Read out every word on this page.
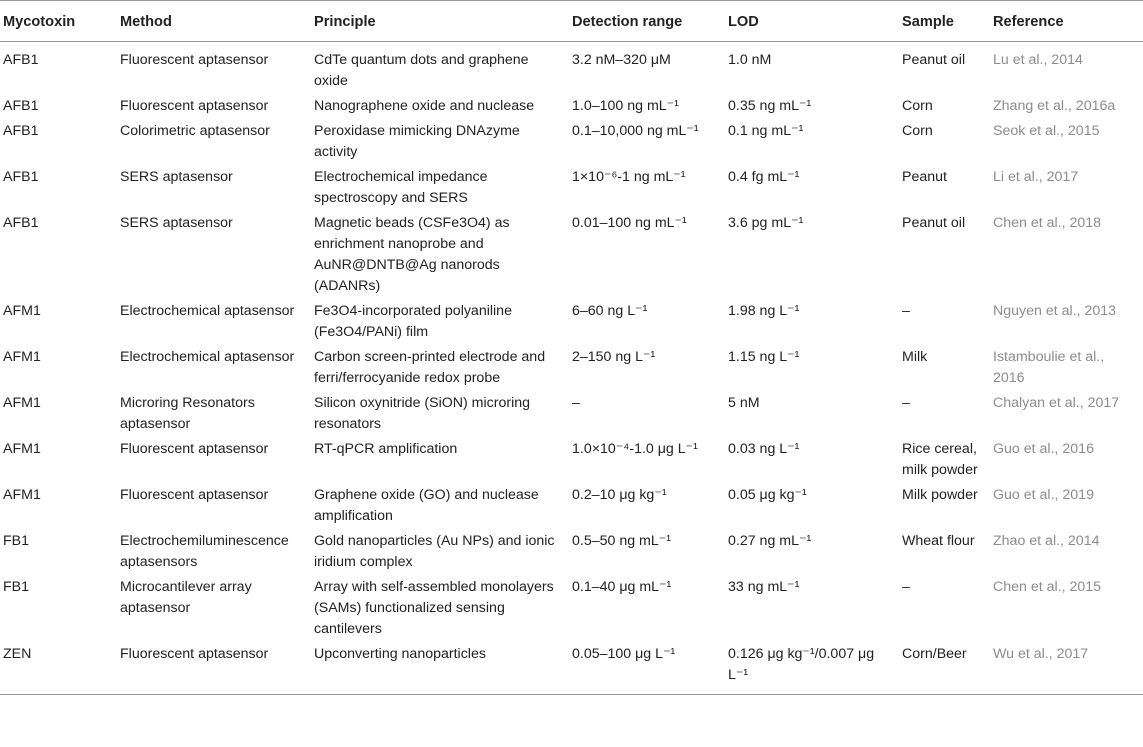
Mycotoxin	Method	Principle	Detection range	LOD	Sample	Reference
AFB1	Fluorescent aptasensor	CdTe quantum dots and graphene oxide	3.2 nM–320 μM	1.0 nM	Peanut oil	Lu et al., 2014
AFB1	Fluorescent aptasensor	Nanographene oxide and nuclease	1.0–100 ng mL⁻¹	0.35 ng mL⁻¹	Corn	Zhang et al., 2016a
AFB1	Colorimetric aptasensor	Peroxidase mimicking DNAzyme activity	0.1–10,000 ng mL⁻¹	0.1 ng mL⁻¹	Corn	Seok et al., 2015
AFB1	SERS aptasensor	Electrochemical impedance spectroscopy and SERS	1×10⁻⁶-1 ng mL⁻¹	0.4 fg mL⁻¹	Peanut	Li et al., 2017
AFB1	SERS aptasensor	Magnetic beads (CSFe3O4) as enrichment nanoprobe and AuNR@DNTB@Ag nanorods (ADANRs)	0.01–100 ng mL⁻¹	3.6 pg mL⁻¹	Peanut oil	Chen et al., 2018
AFM1	Electrochemical aptasensor	Fe3O4-incorporated polyaniline (Fe3O4/PANi) film	6–60 ng L⁻¹	1.98 ng L⁻¹	–	Nguyen et al., 2013
AFM1	Electrochemical aptasensor	Carbon screen-printed electrode and ferri/ferrocyanide redox probe	2–150 ng L⁻¹	1.15 ng L⁻¹	Milk	Istamboulie et al., 2016
AFM1	Microring Resonators aptasensor	Silicon oxynitride (SiON) microring resonators	–	5 nM	–	Chalyan et al., 2017
AFM1	Fluorescent aptasensor	RT-qPCR amplification	1.0×10⁻⁴-1.0 μg L⁻¹	0.03 ng L⁻¹	Rice cereal, milk powder	Guo et al., 2016
AFM1	Fluorescent aptasensor	Graphene oxide (GO) and nuclease amplification	0.2–10 μg kg⁻¹	0.05 μg kg⁻¹	Milk powder	Guo et al., 2019
FB1	Electrochemiluminescence aptasensors	Gold nanoparticles (Au NPs) and ionic iridium complex	0.5–50 ng mL⁻¹	0.27 ng mL⁻¹	Wheat flour	Zhao et al., 2014
FB1	Microcantilever array aptasensor	Array with self-assembled monolayers (SAMs) functionalized sensing cantilevers	0.1–40 μg mL⁻¹	33 ng mL⁻¹	–	Chen et al., 2015
ZEN	Fluorescent aptasensor	Upconverting nanoparticles	0.05–100 μg L⁻¹	0.126 μg kg⁻¹/0.007 μg L⁻¹	Corn/Beer	Wu et al., 2017
